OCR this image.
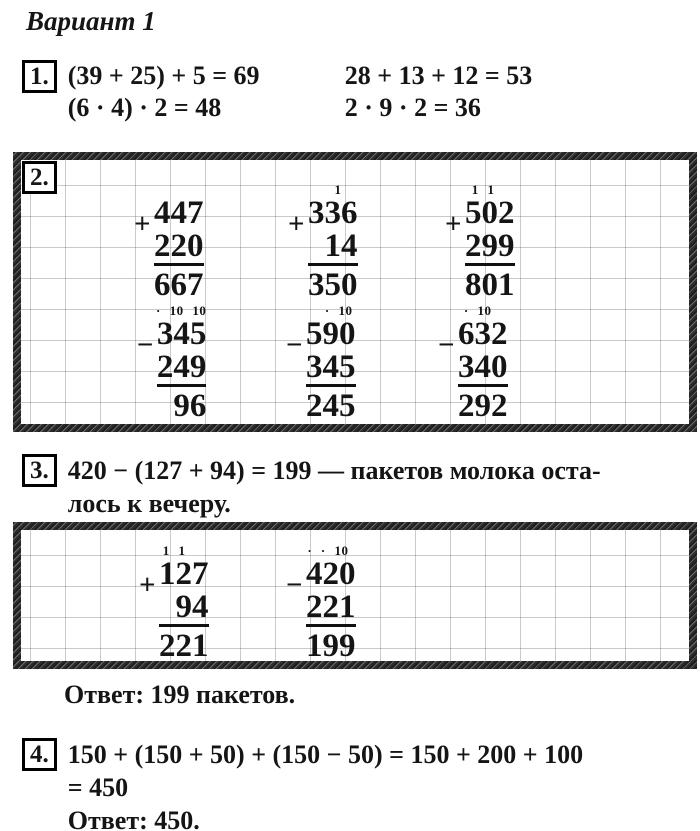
Вариант 1
1. (39 + 25) + 5 = 69	28 + 13 + 12 = 53
(6 · 4) · 2 = 48	2 · 9 · 2 = 36
2.
+ 447
220
667
1
+ 336
14
350
1 1
+ 502
299
801
· 10 10
− 345
249
96
· 10
− 590
345
245
· 10
− 632
340
292
3. 420 − (127 + 94) = 199 — пакетов молока оста-
лось к вечеру.
1 1
+ 127
94
221
· · 10
− 420
221
199
Ответ: 199 пакетов.
4. 150 + (150 + 50) + (150 − 50) = 150 + 200 + 100
= 450
Ответ: 450.
